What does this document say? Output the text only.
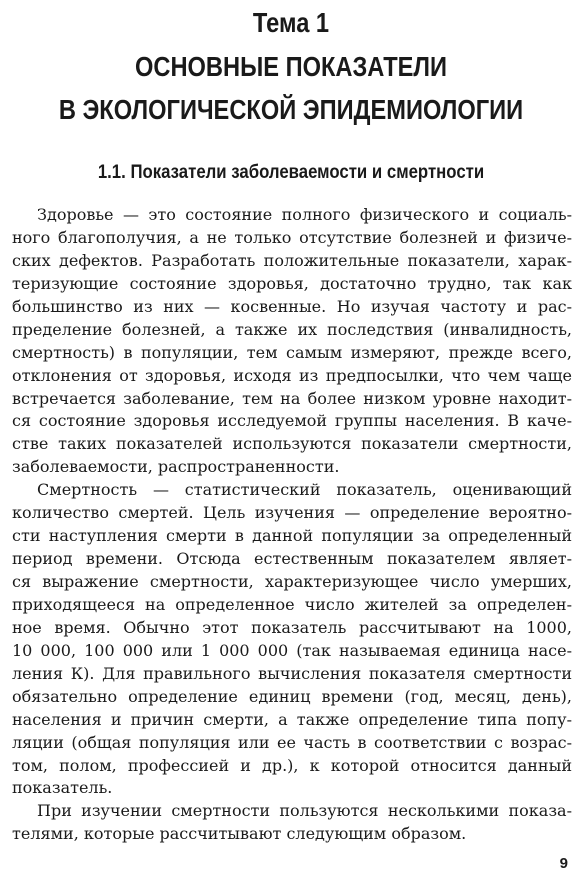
Тема 1
ОСНОВНЫЕ ПОКАЗАТЕЛИ
В ЭКОЛОГИЧЕСКОЙ ЭПИДЕМИОЛОГИИ
1.1. Показатели заболеваемости и смертности
Здоровье — это состояние полного физического и социаль-
ного благополучия, а не только отсутствие болезней и физиче-
ских дефектов. Разработать положительные показатели, харак-
теризующие состояние здоровья, достаточно трудно, так как
большинство из них — косвенные. Но изучая частоту и рас-
пределение болезней, а также их последствия (инвалидность,
смертность) в популяции, тем самым измеряют, прежде всего,
отклонения от здоровья, исходя из предпосылки, что чем чаще
встречается заболевание, тем на более низком уровне находит-
ся состояние здоровья исследуемой группы населения. В каче-
стве таких показателей используются показатели смертности,
заболеваемости, распространенности.
Смертность — статистический показатель, оценивающий
количество смертей. Цель изучения — определение вероятно-
сти наступления смерти в данной популяции за определенный
период времени. Отсюда естественным показателем являет-
ся выражение смертности, характеризующее число умерших,
приходящееся на определенное число жителей за определен-
ное время. Обычно этот показатель рассчитывают на 1000,
10 000, 100 000 или 1 000 000 (так называемая единица насе-
ления К). Для правильного вычисления показателя смертности
обязательно определение единиц времени (год, месяц, день),
населения и причин смерти, а также определение типа попу-
ляции (общая популяция или ее часть в соответствии с возрас-
том, полом, профессией и др.), к которой относится данный
показатель.
При изучении смертности пользуются несколькими показа-
телями, которые рассчитывают следующим образом.
9
